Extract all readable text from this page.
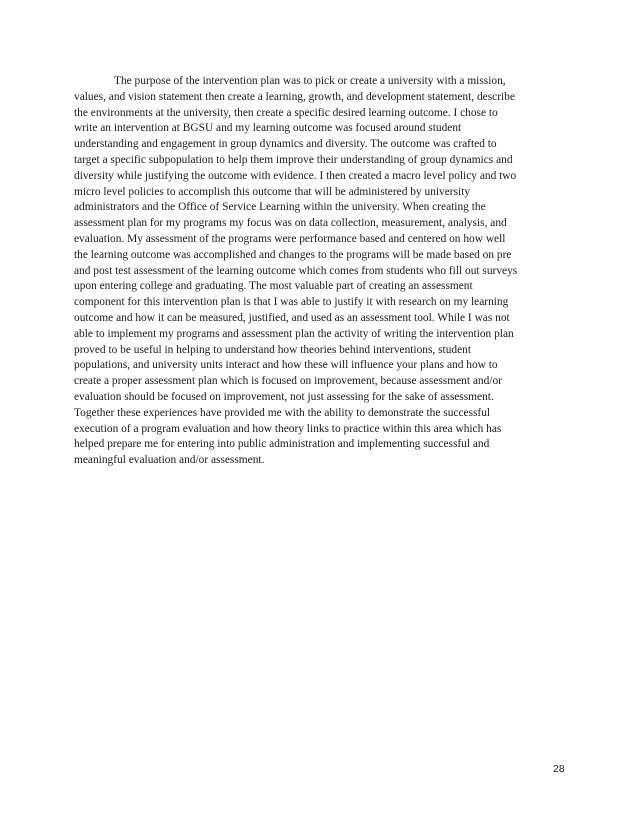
The purpose of the intervention plan was to pick or create a university with a mission,
values, and vision statement then create a learning, growth, and development statement, describe
the environments at the university, then create a specific desired learning outcome. I chose to
write an intervention at BGSU and my learning outcome was focused around student
understanding and engagement in group dynamics and diversity. The outcome was crafted to
target a specific subpopulation to help them improve their understanding of group dynamics and
diversity while justifying the outcome with evidence. I then created a macro level policy and two
micro level policies to accomplish this outcome that will be administered by university
administrators and the Office of Service Learning within the university. When creating the
assessment plan for my programs my focus was on data collection, measurement, analysis, and
evaluation. My assessment of the programs were performance based and centered on how well
the learning outcome was accomplished and changes to the programs will be made based on pre
and post test assessment of the learning outcome which comes from students who fill out surveys
upon entering college and graduating. The most valuable part of creating an assessment
component for this intervention plan is that I was able to justify it with research on my learning
outcome and how it can be measured, justified, and used as an assessment tool. While I was not
able to implement my programs and assessment plan the activity of writing the intervention plan
proved to be useful in helping to understand how theories behind interventions, student
populations, and university units interact and how these will influence your plans and how to
create a proper assessment plan which is focused on improvement, because assessment and/or
evaluation should be focused on improvement, not just assessing for the sake of assessment.
Together these experiences have provided me with the ability to demonstrate the successful
execution of a program evaluation and how theory links to practice within this area which has
helped prepare me for entering into public administration and implementing successful and
meaningful evaluation and/or assessment.

28
